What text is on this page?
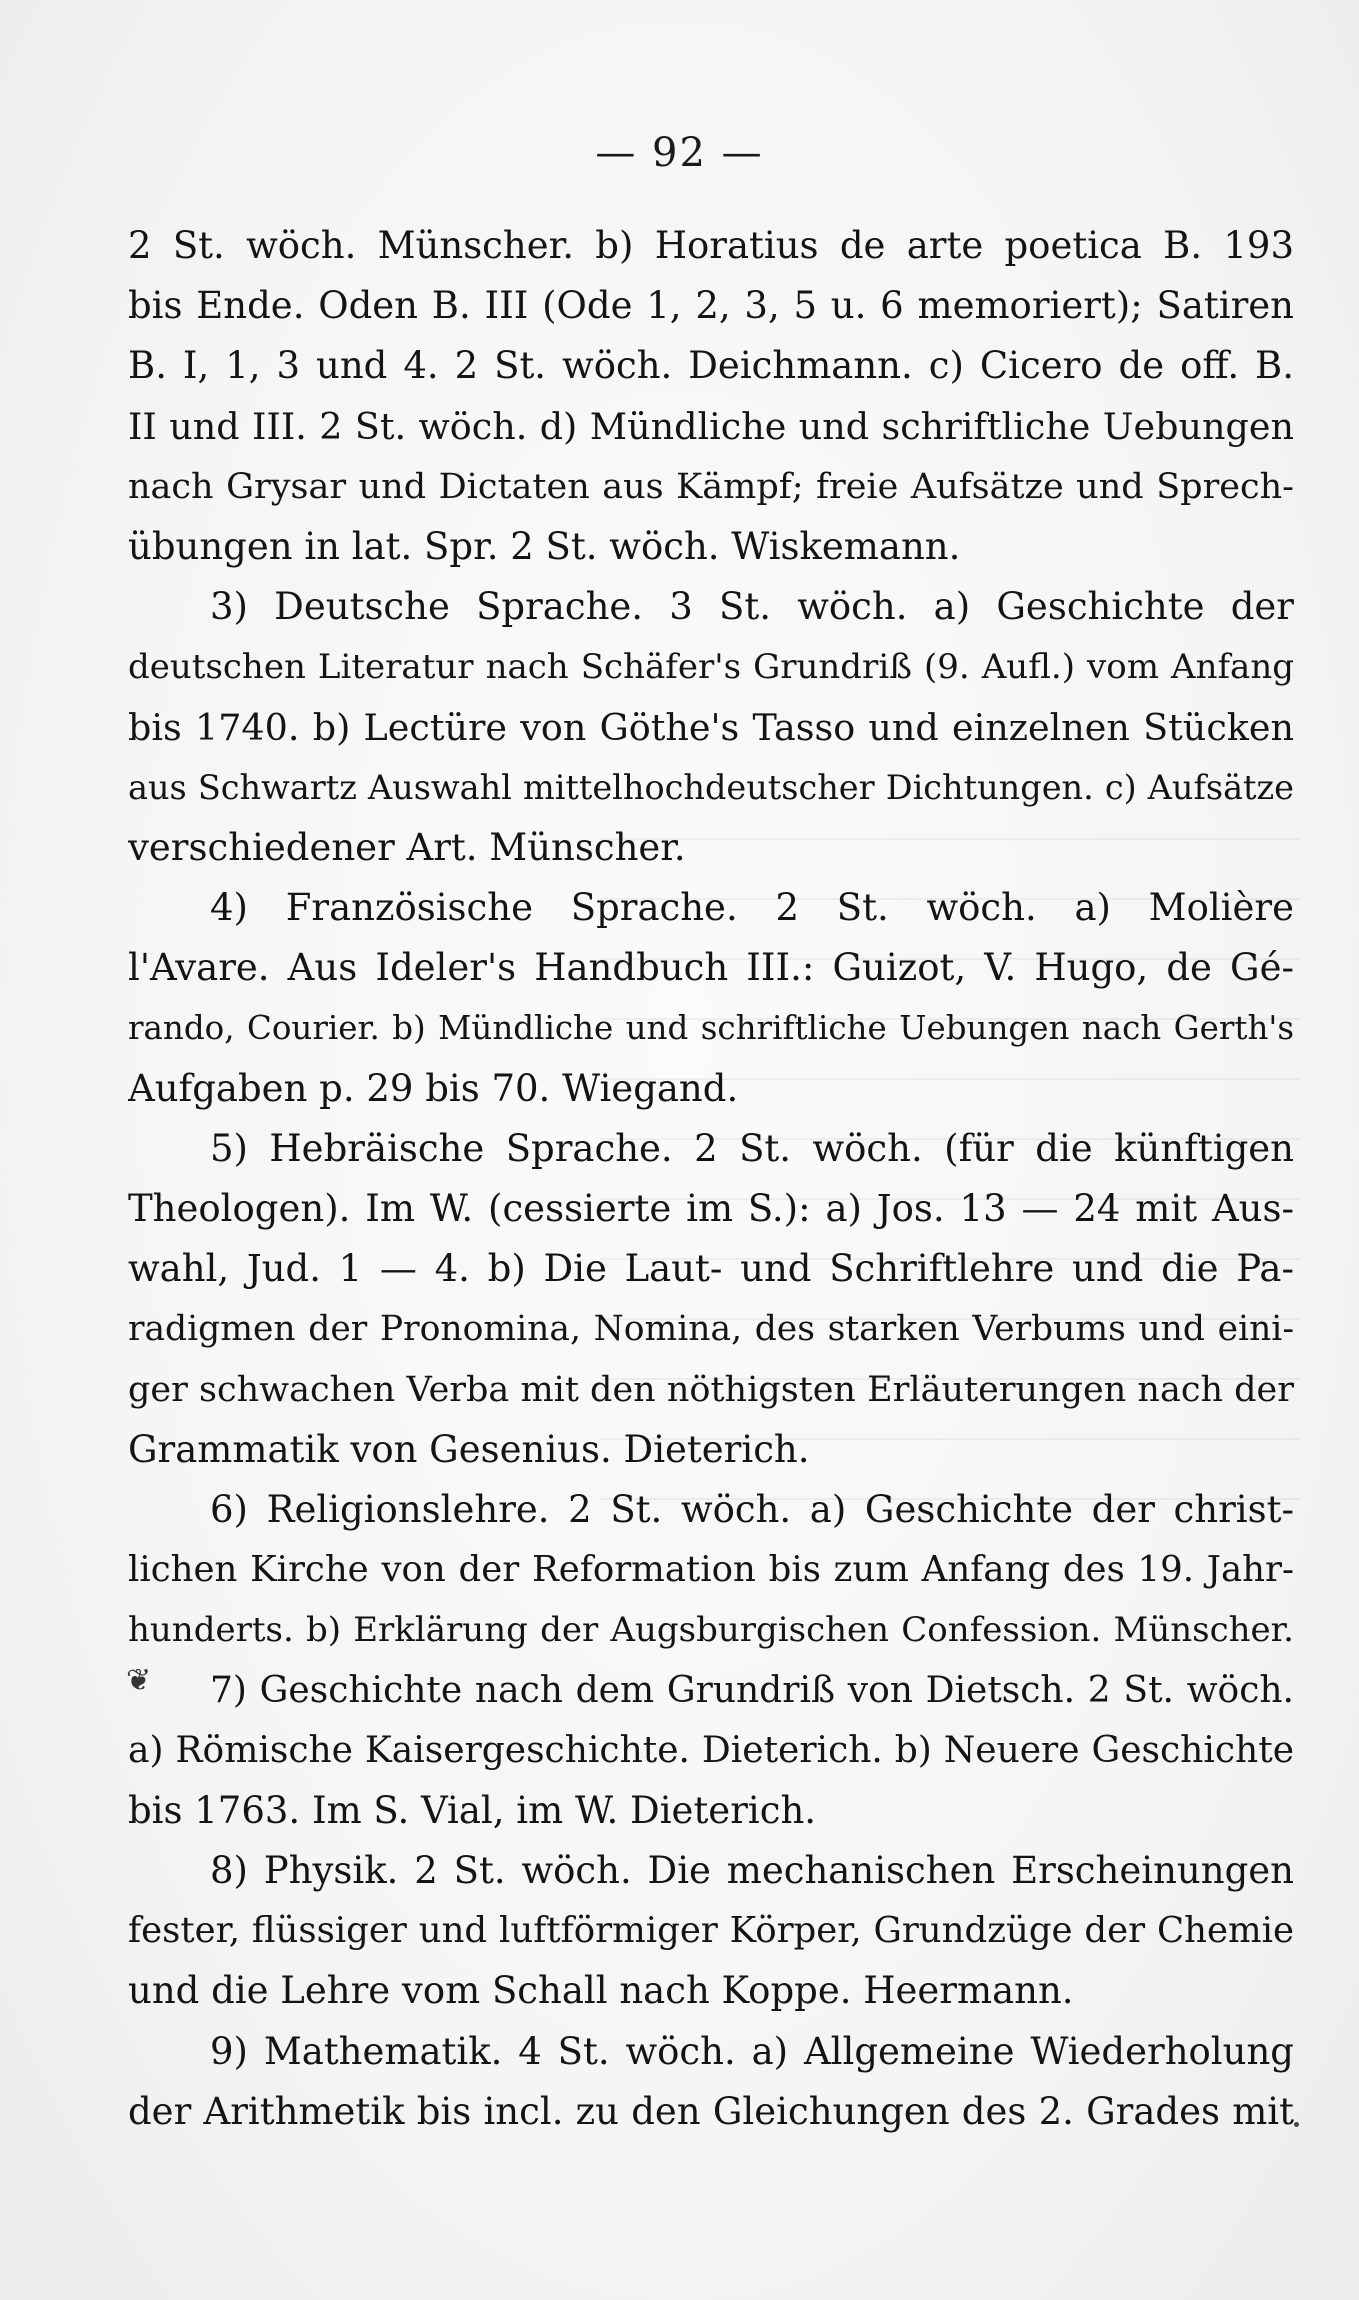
— 92 —
2 St. wöch. Münscher. b) Horatius de arte poetica B. 193
bis Ende. Oden B. III (Ode 1, 2, 3, 5 u. 6 memoriert); Satiren
B. I, 1, 3 und 4. 2 St. wöch. Deichmann. c) Cicero de off. B.
II und III. 2 St. wöch. d) Mündliche und schriftliche Uebungen
nach Grysar und Dictaten aus Kämpf; freie Aufsätze und Sprech-
übungen in lat. Spr. 2 St. wöch. Wiskemann.
3) Deutsche Sprache. 3 St. wöch. a) Geschichte der
deutschen Literatur nach Schäfer's Grundriß (9. Aufl.) vom Anfang
bis 1740. b) Lectüre von Göthe's Tasso und einzelnen Stücken
aus Schwartz Auswahl mittelhochdeutscher Dichtungen. c) Aufsätze
verschiedener Art. Münscher.
4) Französische Sprache. 2 St. wöch. a) Molière
l'Avare. Aus Ideler's Handbuch III.: Guizot, V. Hugo, de Gé-
rando, Courier. b) Mündliche und schriftliche Uebungen nach Gerth's
Aufgaben p. 29 bis 70. Wiegand.
5) Hebräische Sprache. 2 St. wöch. (für die künftigen
Theologen). Im W. (cessierte im S.): a) Jos. 13 — 24 mit Aus-
wahl, Jud. 1 — 4. b) Die Laut- und Schriftlehre und die Pa-
radigmen der Pronomina, Nomina, des starken Verbums und eini-
ger schwachen Verba mit den nöthigsten Erläuterungen nach der
Grammatik von Gesenius. Dieterich.
6) Religionslehre. 2 St. wöch. a) Geschichte der christ-
lichen Kirche von der Reformation bis zum Anfang des 19. Jahr-
hunderts. b) Erklärung der Augsburgischen Confession. Münscher.
7) Geschichte nach dem Grundriß von Dietsch. 2 St. wöch.
a) Römische Kaisergeschichte. Dieterich. b) Neuere Geschichte
bis 1763. Im S. Vial, im W. Dieterich.
8) Physik. 2 St. wöch. Die mechanischen Erscheinungen
fester, flüssiger und luftförmiger Körper, Grundzüge der Chemie
und die Lehre vom Schall nach Koppe. Heermann.
9) Mathematik. 4 St. wöch. a) Allgemeine Wiederholung
der Arithmetik bis incl. zu den Gleichungen des 2. Grades mit
❦
